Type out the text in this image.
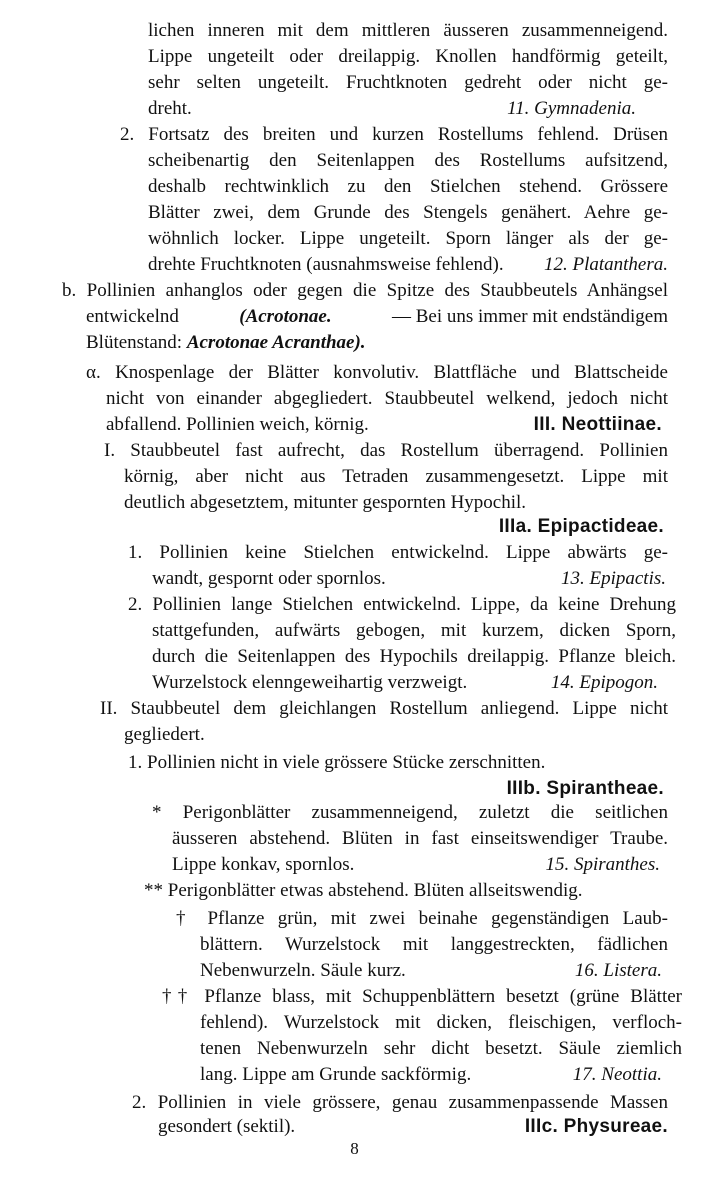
lichen inneren mit dem mittleren äusseren zusammenneigend.
Lippe ungeteilt oder dreilappig. Knollen handförmig geteilt,
sehr selten ungeteilt. Fruchtknoten gedreht oder nicht ge-
dreht.	11. Gymnadenia.
2. Fortsatz des breiten und kurzen Rostellums fehlend. Drüsen
scheibenartig den Seitenlappen des Rostellums aufsitzend,
deshalb rechtwinklich zu den Stielchen stehend. Grössere
Blätter zwei, dem Grunde des Stengels genähert. Aehre ge-
wöhnlich locker. Lippe ungeteilt. Sporn länger als der ge-
drehte Fruchtknoten (ausnahmsweise fehlend). 12. Platanthera.
b. Pollinien anhanglos oder gegen die Spitze des Staubbeutels Anhängsel
entwickelnd	(Acrotonae.	— Bei uns immer mit endständigem
Blütenstand: Acrotonae Acranthae).
α. Knospenlage der Blätter konvolutiv. Blattfläche und Blattscheide
nicht von einander abgegliedert. Staubbeutel welkend, jedoch nicht
abfallend. Pollinien weich, körnig.	III. Neottiinae.
I. Staubbeutel fast aufrecht, das Rostellum überragend. Pollinien
körnig, aber nicht aus Tetraden zusammengesetzt. Lippe mit
deutlich abgesetztem, mitunter gespornten Hypochil.
IIIa. Epipactideae.
1. Pollinien keine Stielchen entwickelnd. Lippe abwärts ge-
wandt, gespornt oder spornlos.	13. Epipactis.
2. Pollinien lange Stielchen entwickelnd. Lippe, da keine Drehung
stattgefunden, aufwärts gebogen, mit kurzem, dicken Sporn,
durch die Seitenlappen des Hypochils dreilappig. Pflanze bleich.
Wurzelstock elenngeweihartig verzweigt.	14. Epipogon.
II. Staubbeutel dem gleichlangen Rostellum anliegend. Lippe nicht
gegliedert.
1. Pollinien nicht in viele grössere Stücke zerschnitten.
IIIb. Spirantheae.
* Perigonblätter zusammenneigend, zuletzt die seitlichen
äusseren abstehend. Blüten in fast einseitswendiger Traube.
Lippe konkav, spornlos.	15. Spiranthes.
** Perigonblätter etwas abstehend. Blüten allseitswendig.
† Pflanze grün, mit zwei beinahe gegenständigen Laub-
blättern. Wurzelstock mit langgestreckten, fädlichen
Nebenwurzeln. Säule kurz.	16. Listera.
†† Pflanze blass, mit Schuppenblättern besetzt (grüne Blätter
fehlend). Wurzelstock mit dicken, fleischigen, verfloch-
tenen Nebenwurzeln sehr dicht besetzt. Säule ziemlich
lang. Lippe am Grunde sackförmig.	17. Neottia.
2. Pollinien in viele grössere, genau zusammenpassende Massen
gesondert (sektil).	IIIc. Physureae.
8
